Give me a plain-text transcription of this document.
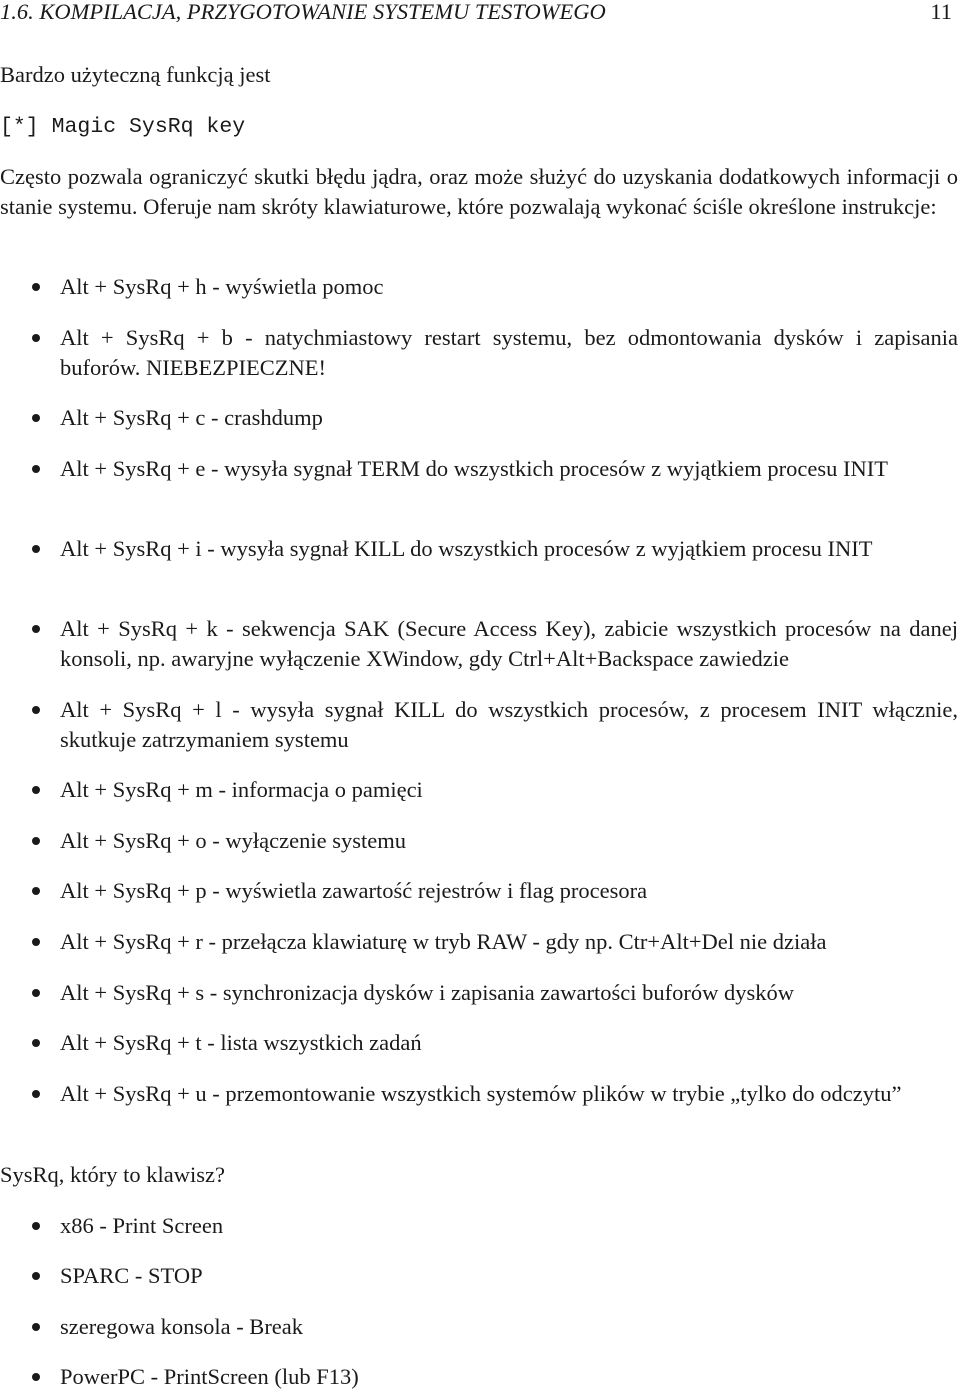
1.6. KOMPILACJA, PRZYGOTOWANIE SYSTEMU TESTOWEGO	11

Bardzo użyteczną funkcją jest

[*] Magic SysRq key

Często pozwala ograniczyć skutki błędu jądra, oraz może służyć do uzyskania dodatkowych informacji o stanie systemu. Oferuje nam skróty klawiaturowe, które pozwalają wykonać ściśle określone instrukcje:

Alt + SysRq + h - wyświetla pomoc
Alt + SysRq + b - natychmiastowy restart systemu, bez odmontowania dysków i zapisania buforów. NIEBEZPIECZNE!
Alt + SysRq + c - crashdump
Alt + SysRq + e - wysyła sygnał TERM do wszystkich procesów z wyjątkiem procesu INIT
Alt + SysRq + i - wysyła sygnał KILL do wszystkich procesów z wyjątkiem procesu INIT
Alt + SysRq + k - sekwencja SAK (Secure Access Key), zabicie wszystkich procesów na danej konsoli, np. awaryjne wyłączenie XWindow, gdy Ctrl+Alt+Backspace zawiedzie
Alt + SysRq + l - wysyła sygnał KILL do wszystkich procesów, z procesem INIT włącznie, skutkuje zatrzymaniem systemu
Alt + SysRq + m - informacja o pamięci
Alt + SysRq + o - wyłączenie systemu
Alt + SysRq + p - wyświetla zawartość rejestrów i flag procesora
Alt + SysRq + r - przełącza klawiaturę w tryb RAW - gdy np. Ctr+Alt+Del nie działa
Alt + SysRq + s - synchronizacja dysków i zapisania zawartości buforów dysków
Alt + SysRq + t - lista wszystkich zadań
Alt + SysRq + u - przemontowanie wszystkich systemów plików w trybie „tylko do odczytu”

SysRq, który to klawisz?

x86 - Print Screen
SPARC - STOP
szeregowa konsola - Break
PowerPC - PrintScreen (lub F13)
